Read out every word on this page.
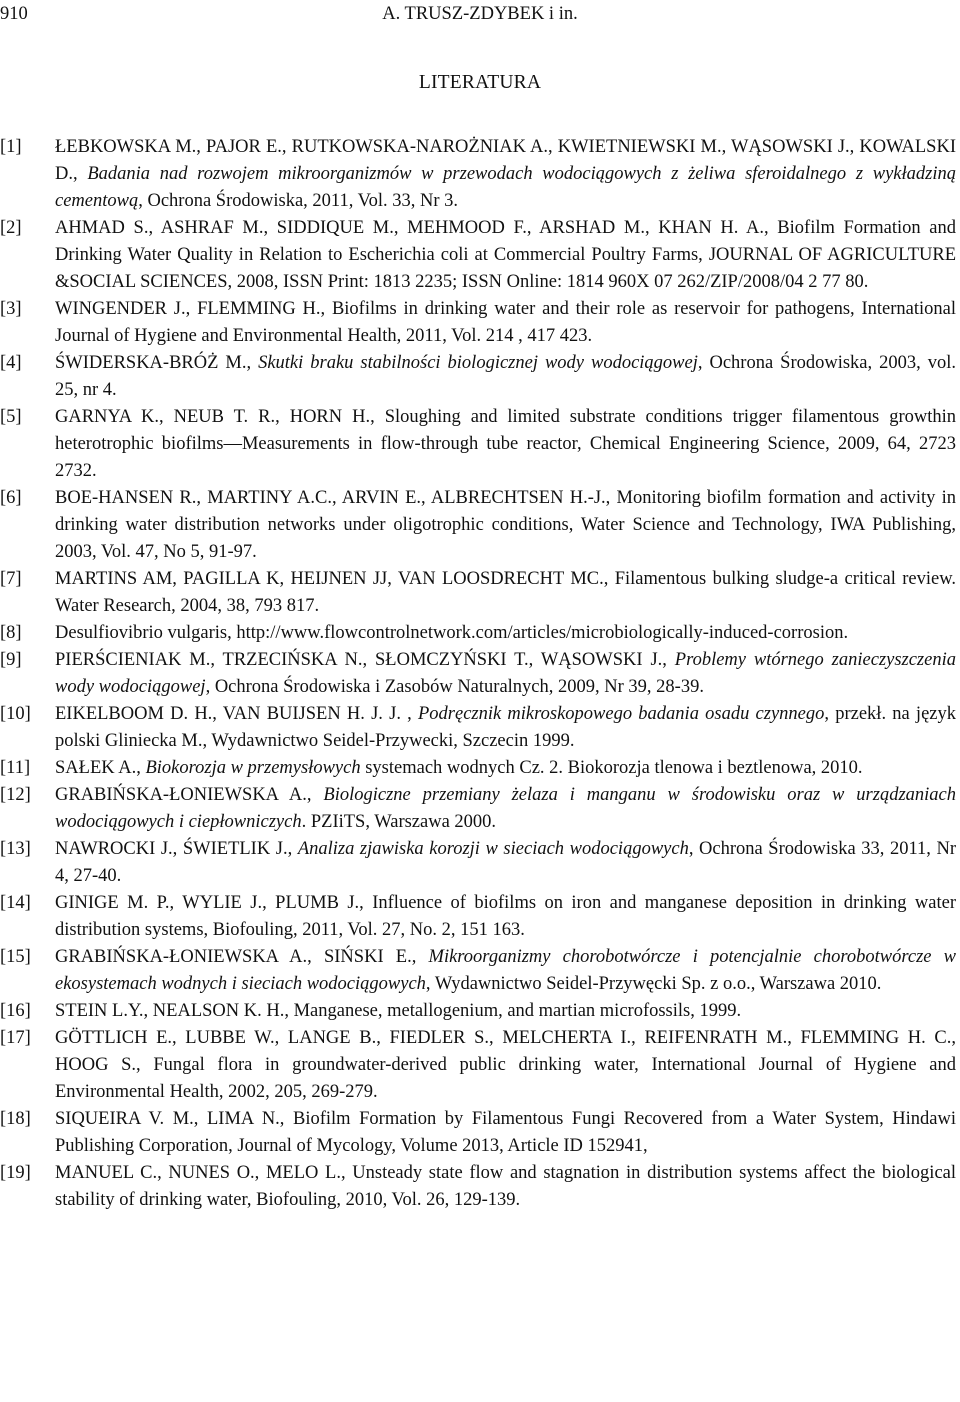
910	A. TRUSZ-ZDYBEK i in.
LITERATURA
[1] ŁEBKOWSKA M., PAJOR E., RUTKOWSKA-NAROŻNIAK A., KWIETNIEWSKI M., WĄSOWSKI J., KOWALSKI D., Badania nad rozwojem mikroorganizmów w przewodach wodociągowych z żeliwa sferoidalnego z wykładziną cementową, Ochrona Środowiska, 2011, Vol. 33, Nr 3.
[2] AHMAD S., ASHRAF M., SIDDIQUE M., MEHMOOD F., ARSHAD M., KHAN H. A., Biofilm Formation and Drinking Water Quality in Relation to Escherichia coli at Commercial Poultry Farms, JOURNAL OF AGRICULTURE &SOCIAL SCIENCES, 2008, ISSN Print: 1813 2235; ISSN Online: 1814 960X 07 262/ZIP/2008/04 2 77 80.
[3] WINGENDER J., FLEMMING H., Biofilms in drinking water and their role as reservoir for pathogens, International Journal of Hygiene and Environmental Health, 2011, Vol. 214 , 417 423.
[4] ŚWIDERSKA-BRÓŻ M., Skutki braku stabilności biologicznej wody wodociągowej, Ochrona Środowiska, 2003, vol. 25, nr 4.
[5] GARNYA K., NEUB T. R., HORN H., Sloughing and limited substrate conditions trigger filamentous growthin heterotrophic biofilms—Measurements in flow-through tube reactor, Chemical Engineering Science, 2009, 64, 2723 2732.
[6] BOE-HANSEN R., MARTINY A.C., ARVIN E., ALBRECHTSEN H.-J., Monitoring biofilm formation and activity in drinking water distribution networks under oligotrophic conditions, Water Science and Technology, IWA Publishing, 2003, Vol. 47, No 5, 91-97.
[7] MARTINS AM, PAGILLA K, HEIJNEN JJ, VAN LOOSDRECHT MC., Filamentous bulking sludge-a critical review. Water Research, 2004, 38, 793 817.
[8] Desulfiovibrio vulgaris, http://www.flowcontrolnetwork.com/articles/microbiologically-induced-corrosion.
[9] PIERŚCIENIAK M., TRZECIŃSKA N., SŁOMCZYŃSKI T., WĄSOWSKI J., Problemy wtórnego zanieczyszczenia wody wodociągowej, Ochrona Środowiska i Zasobów Naturalnych, 2009, Nr 39, 28-39.
[10] EIKELBOOM D. H., VAN BUIJSEN H. J. J. , Podręcznik mikroskopowego badania osadu czynnego, przekł. na język polski Gliniecka M., Wydawnictwo Seidel-Przywecki, Szczecin 1999.
[11] SAŁEK A., Biokorozja w przemysłowych systemach wodnych Cz. 2. Biokorozja tlenowa i beztlenowa, 2010.
[12] GRABIŃSKA-ŁONIEWSKA A., Biologiczne przemiany żelaza i manganu w środowisku oraz w urządzaniach wodociągowych i ciepłowniczych. PZIiTS, Warszawa 2000.
[13] NAWROCKI J., ŚWIETLIK J., Analiza zjawiska korozji w sieciach wodociągowych, Ochrona Środowiska 33, 2011, Nr 4, 27-40.
[14] GINIGE M. P., WYLIE J., PLUMB J., Influence of biofilms on iron and manganese deposition in drinking water distribution systems, Biofouling, 2011, Vol. 27, No. 2, 151 163.
[15] GRABIŃSKA-ŁONIEWSKA A., SIŃSKI E., Mikroorganizmy chorobotwórcze i potencjalnie chorobotwórcze w ekosystemach wodnych i sieciach wodociągowych, Wydawnictwo Seidel-Przywęcki Sp. z o.o., Warszawa 2010.
[16] STEIN L.Y., NEALSON K. H., Manganese, metallogenium, and martian microfossils, 1999.
[17] GÖTTLICH E., LUBBE W., LANGE B., FIEDLER S., MELCHERTA I., REIFENRATH M., FLEMMING H. C., HOOG S., Fungal flora in groundwater-derived public drinking water, International Journal of Hygiene and Environmental Health, 2002, 205, 269-279.
[18] SIQUEIRA V. M., LIMA N., Biofilm Formation by Filamentous Fungi Recovered from a Water System, Hindawi Publishing Corporation, Journal of Mycology, Volume 2013, Article ID 152941,
[19] MANUEL C., NUNES O., MELO L., Unsteady state flow and stagnation in distribution systems affect the biological stability of drinking water, Biofouling, 2010, Vol. 26, 129-139.
